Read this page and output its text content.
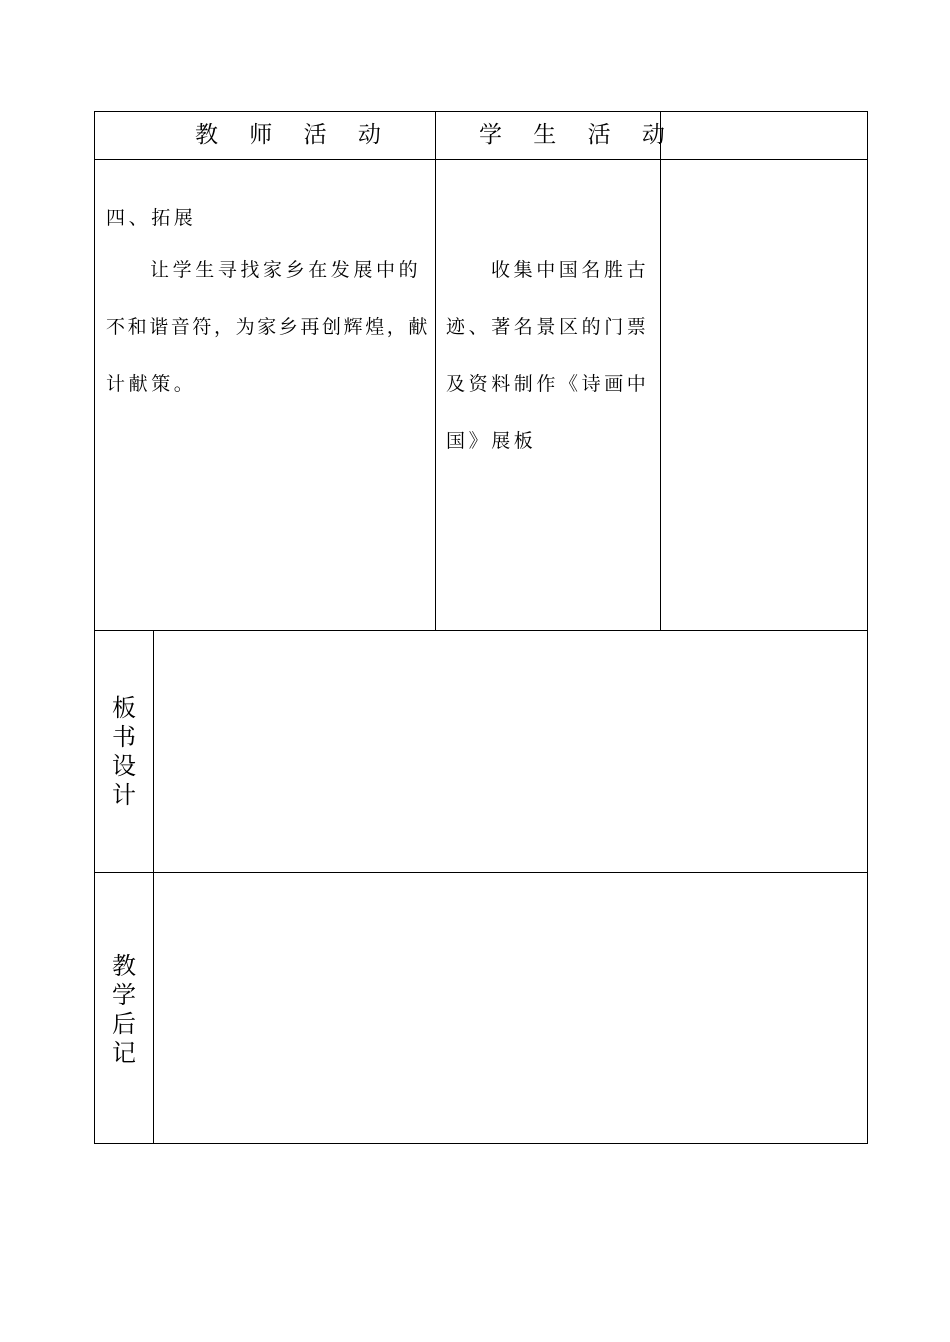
教 师 活 动	学 生 活 动
四、拓展
让学生寻找家乡在发展中的
不和谐音符，为家乡再创辉煌，献
计献策。
收集中国名胜古
迹、著名景区的门票
及资料制作《诗画中
国》展板
板书设计
教学后记
